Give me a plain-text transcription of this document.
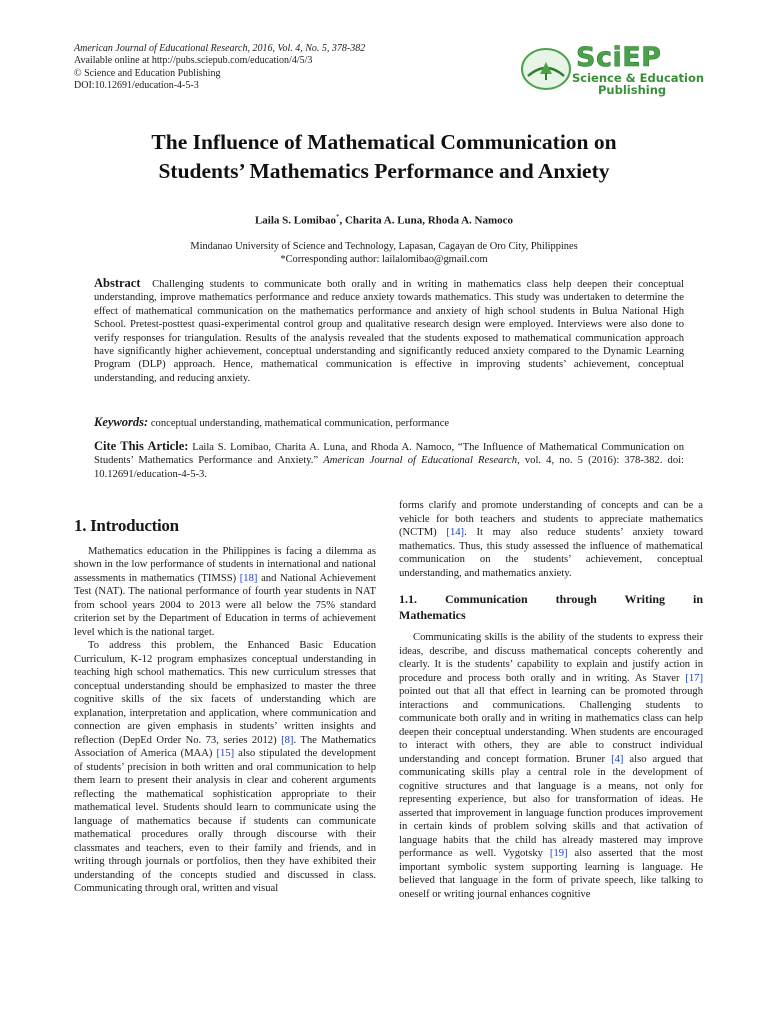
American Journal of Educational Research, 2016, Vol. 4, No. 5, 378-382
Available online at http://pubs.sciepub.com/education/4/5/3
© Science and Education Publishing
DOI:10.12691/education-4-5-3
SciEP
Science & Education
Publishing
The Influence of Mathematical Communication on
Students’ Mathematics Performance and Anxiety
Laila S. Lomibao*, Charita A. Luna, Rhoda A. Namoco
Mindanao University of Science and Technology, Lapasan, Cagayan de Oro City, Philippines
*Corresponding author: lailalomibao@gmail.com
Abstract Challenging students to communicate both orally and in writing in mathematics class help deepen their conceptual understanding, improve mathematics performance and reduce anxiety towards mathematics. This study was undertaken to determine the effect of mathematical communication on the mathematics performance and anxiety of high school students in Bulua National High School. Pretest-posttest quasi-experimental control group and qualitative research design were employed. Interviews were also done to verify responses for triangulation. Results of the analysis revealed that the students exposed to mathematical communication approach have significantly higher achievement, conceptual understanding and significantly reduced anxiety compared to the Dynamic Learning Program (DLP) approach. Hence, mathematical communication is effective in improving students’ achievement, conceptual understanding, and reducing anxiety.
Keywords: conceptual understanding, mathematical communication, performance
Cite This Article: Laila S. Lomibao, Charita A. Luna, and Rhoda A. Namoco, “The Influence of Mathematical Communication on Students’ Mathematics Performance and Anxiety.” American Journal of Educational Research, vol. 4, no. 5 (2016): 378-382. doi: 10.12691/education-4-5-3.
1. Introduction

Mathematics education in the Philippines is facing a dilemma as shown in the low performance of students in international and national assessments in mathematics (TIMSS) [18] and National Achievement Test (NAT). The national performance of fourth year students in NAT from school years 2004 to 2013 were all below the 75% standard criterion set by the Department of Education in terms of achievement level which is the national target.

To address this problem, the Enhanced Basic Education Curriculum, K-12 program emphasizes conceptual understanding in teaching high school mathematics. This new curriculum stresses that conceptual understanding should be emphasized to master the three cognitive skills of the six facets of understanding which are explanation, interpretation and application, where communication and connection are given emphasis in students’ written insights and reflection (DepEd Order No. 73, series 2012) [8]. The Mathematics Association of America (MAA) [15] also stipulated the development of students’ precision in both written and oral communication to help them learn to present their analysis in clear and coherent arguments reflecting the mathematical sophistication appropriate to their mathematical level. Students should learn to communicate using the language of mathematics because if students can communicate mathematical procedures orally through discourse with their classmates and teachers, even to their family and friends, and in writing through journals or portfolios, then they have exhibited their understanding of the concepts studied and discussed in class. Communicating through oral, written and visual

forms clarify and promote understanding of concepts and can be a vehicle for both teachers and students to appreciate mathematics (NCTM) [14]. It may also reduce students’ anxiety toward mathematics. Thus, this study assessed the influence of mathematical communication on the students’ achievement, conceptual understanding, and mathematics anxiety.

1.1. Communication through Writing in
Mathematics

Communicating skills is the ability of the students to express their ideas, describe, and discuss mathematical concepts coherently and clearly. It is the students’ capability to explain and justify action in procedure and process both orally and in writing. As Staver [17] pointed out that all that effect in learning can be promoted through interactions and communications. Challenging students to communicate both orally and in writing in mathematics class can help deepen their conceptual understanding. When students are encouraged to interact with others, they are able to construct individual understanding and concept formation. Bruner [4] also argued that communicating skills play a central role in the development of cognitive structures and that language is a means, not only for representing experience, but also for transformation of ideas. He asserted that improvement in language function produces improvement in certain kinds of problem solving skills and that activation of language habits that the child has already mastered may improve performance as well. Vygotsky [19] also asserted that the most important symbolic system supporting learning is language. He believed that language in the form of private speech, like talking to oneself or writing journal enhances cognitive
